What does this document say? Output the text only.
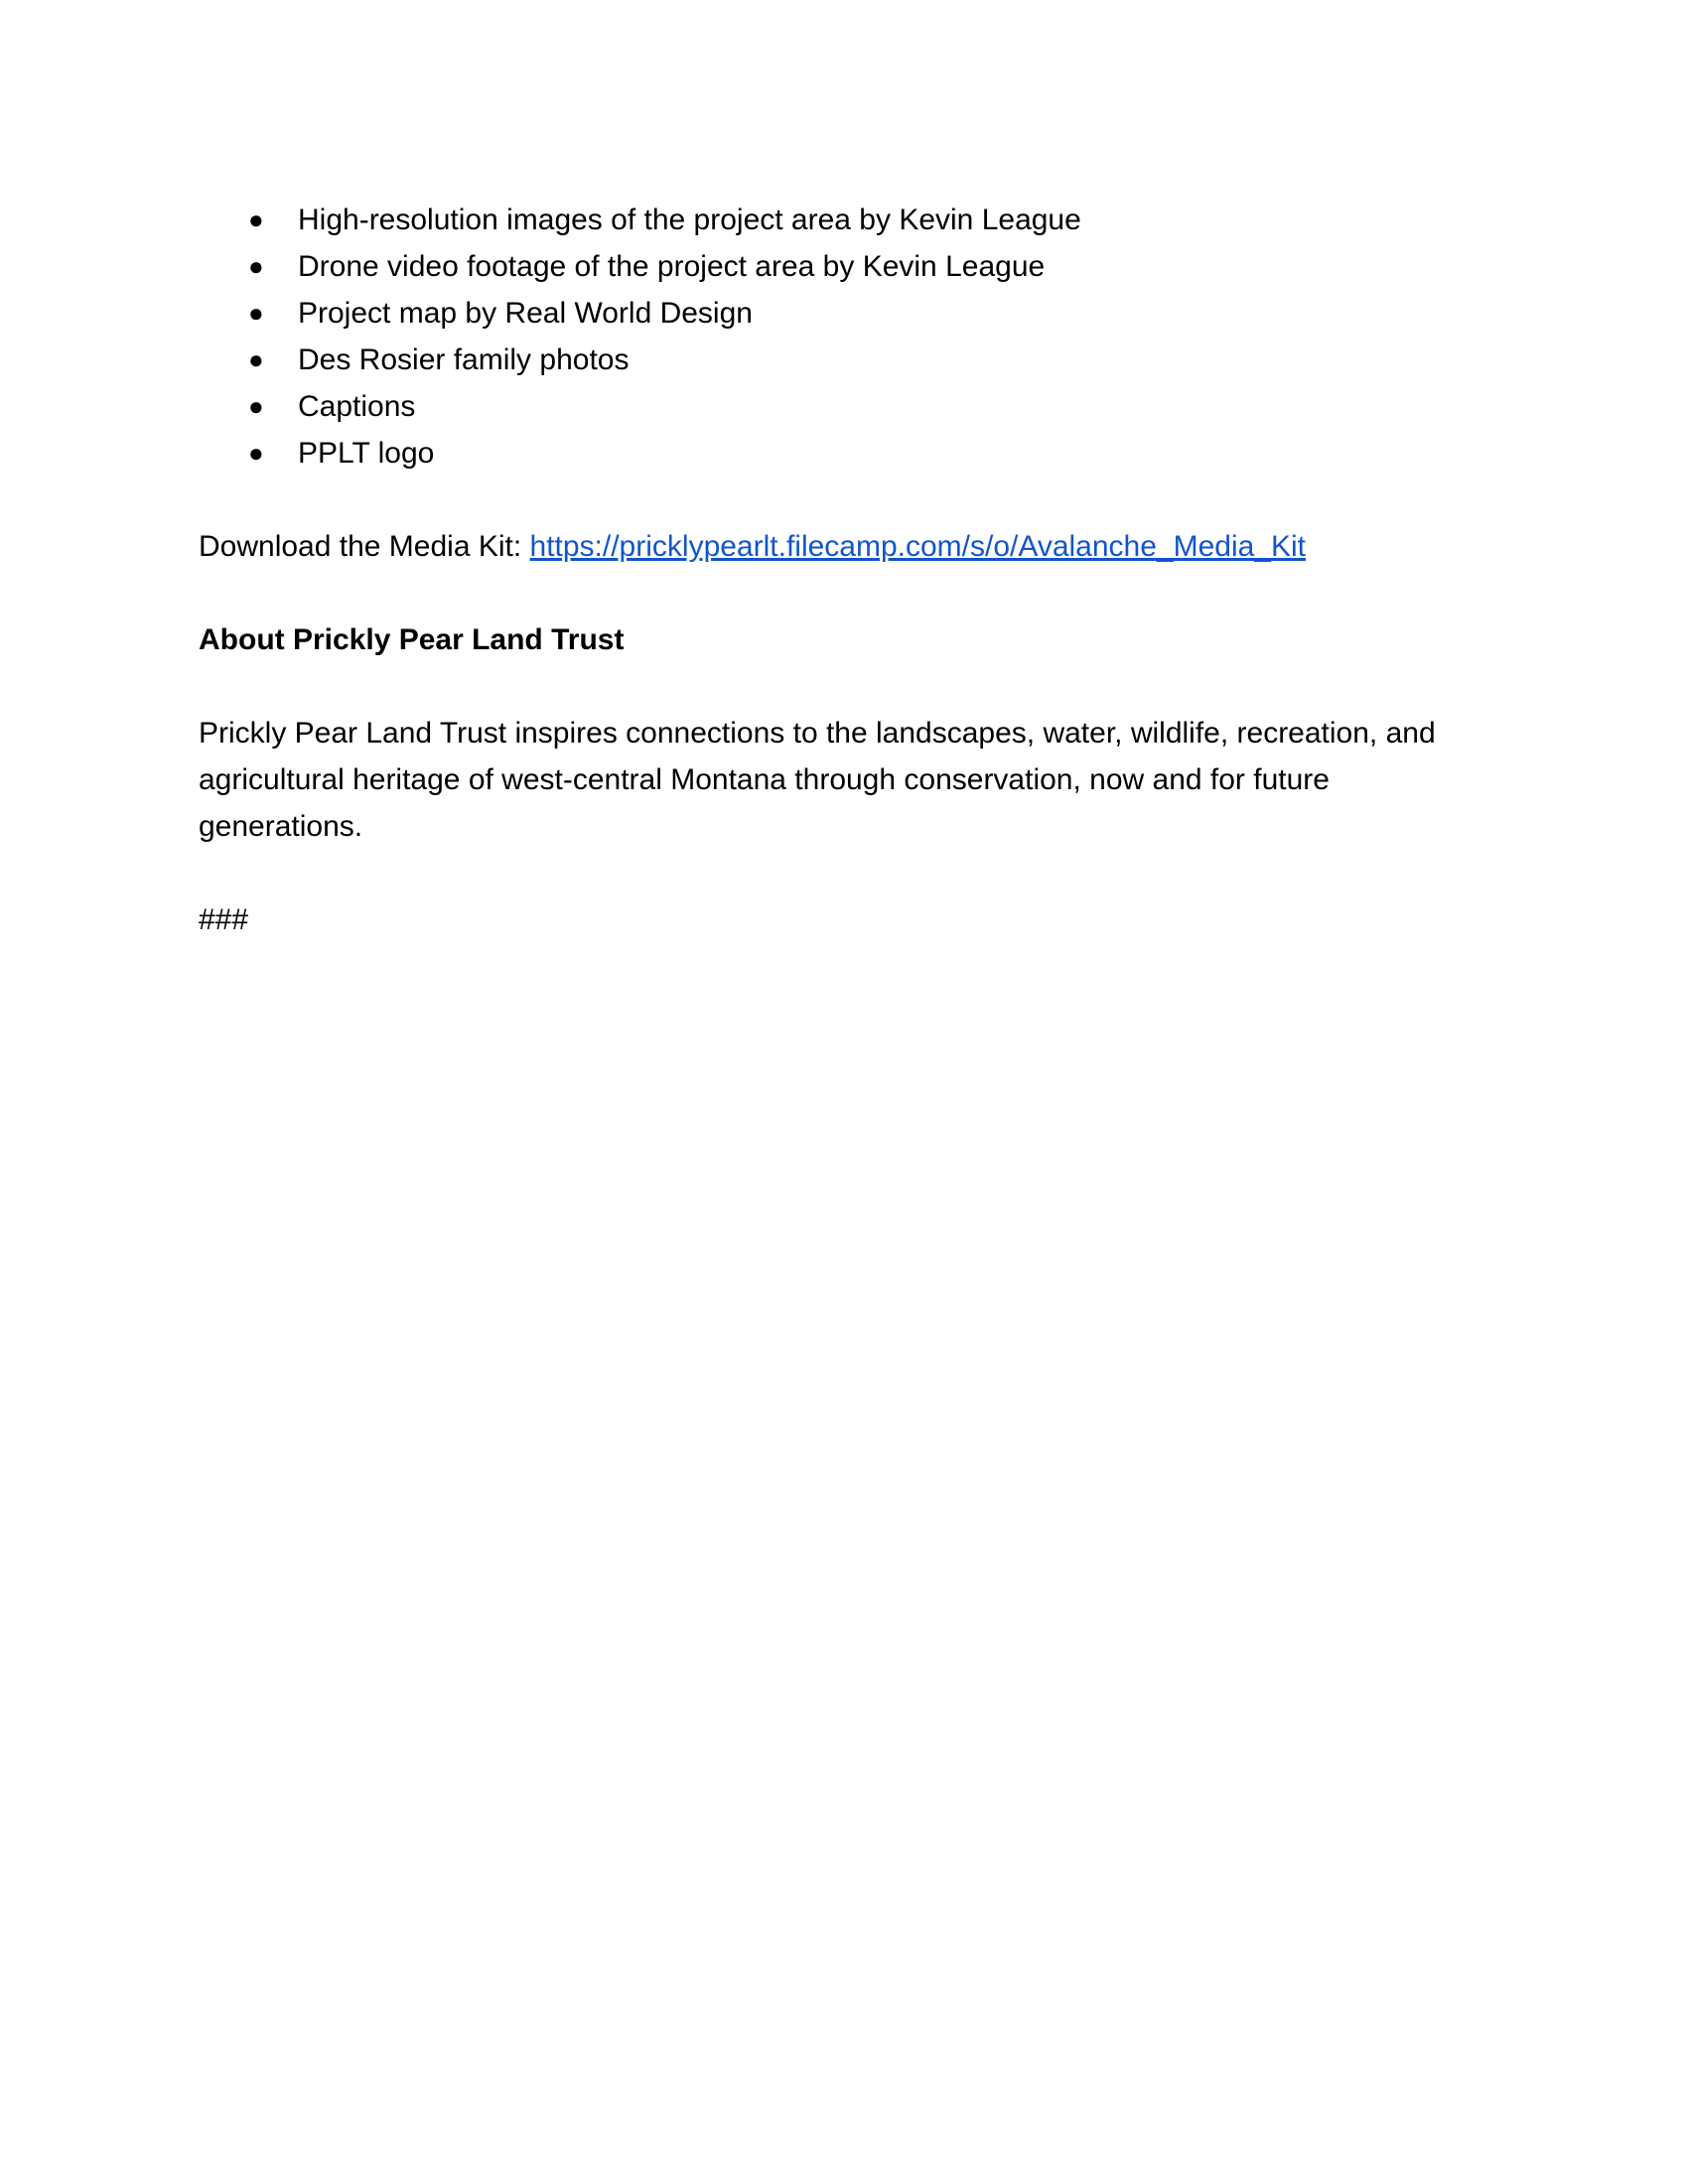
● High-resolution images of the project area by Kevin League
● Drone video footage of the project area by Kevin League
● Project map by Real World Design
● Des Rosier family photos
● Captions
● PPLT logo

Download the Media Kit: https://pricklypearlt.filecamp.com/s/o/Avalanche_Media_Kit

About Prickly Pear Land Trust

Prickly Pear Land Trust inspires connections to the landscapes, water, wildlife, recreation, and agricultural heritage of west-central Montana through conservation, now and for future generations.

###
